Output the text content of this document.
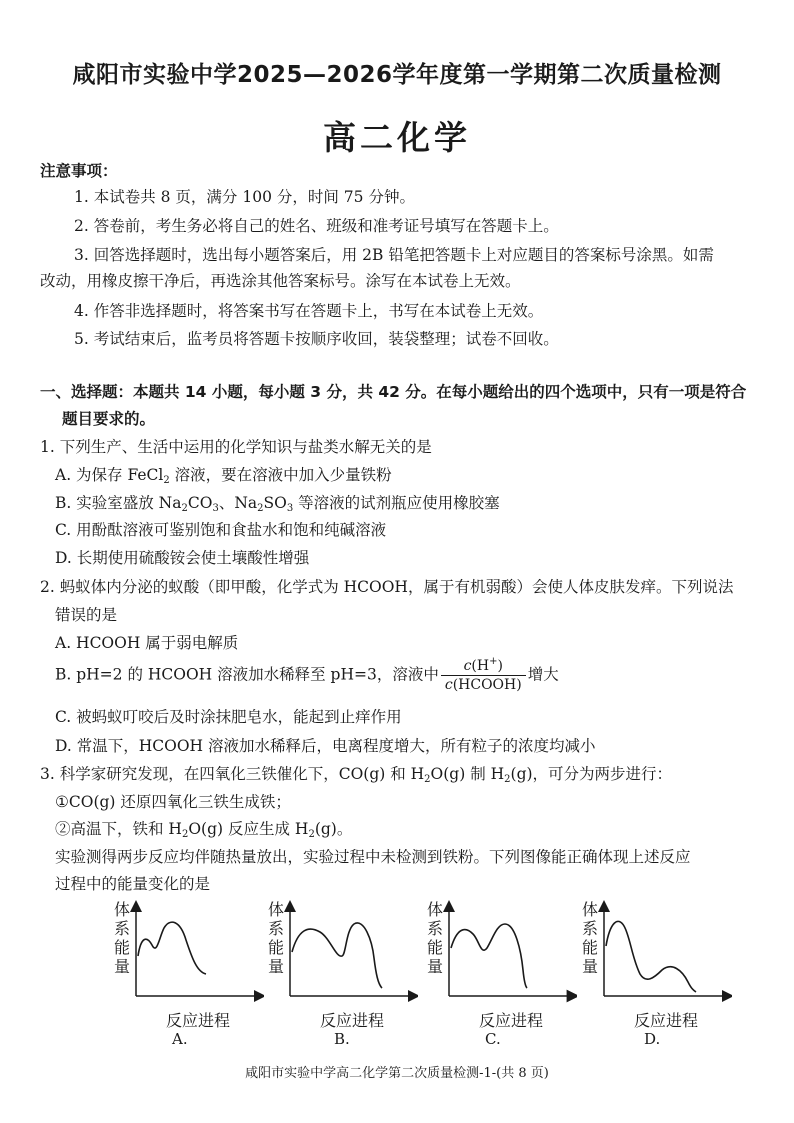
咸阳市实验中学2025—2026学年度第一学期第二次质量检测
高二化学
注意事项：
1. 本试卷共 8 页，满分 100 分，时间 75 分钟。
2. 答卷前，考生务必将自己的姓名、班级和准考证号填写在答题卡上。
3. 回答选择题时，选出每小题答案后，用 2B 铅笔把答题卡上对应题目的答案标号涂黑。如需
改动，用橡皮擦干净后，再选涂其他答案标号。涂写在本试卷上无效。
4. 作答非选择题时，将答案书写在答题卡上，书写在本试卷上无效。
5. 考试结束后，监考员将答题卡按顺序收回，装袋整理；试卷不回收。
一、选择题：本题共 14 小题，每小题 3 分，共 42 分。在每小题给出的四个选项中，只有一项是符合
题目要求的。
1. 下列生产、生活中运用的化学知识与盐类水解无关的是
A. 为保存 FeCl$_2$ 溶液，要在溶液中加入少量铁粉
B. 实验室盛放 $Na_2CO_3$、$Na_2SO_3$ 等溶液的试剂瓶应使用橡胶塞
C. 用酚酞溶液可鉴别饱和食盐水和饱和纯碱溶液
D. 长期使用硫酸铵会使土壤酸性增强
2. 蚂蚁体内分泌的蚁酸（即甲酸，化学式为 HCOOH，属于有机弱酸）会使人体皮肤发痒。下列说法
错误的是
A. HCOOH 属于弱电解质
B. pH=2 的 HCOOH 溶液加水稀释至 pH=3，溶液中 $\frac{c(H^+)}{\text{c(HCOOH)}}$ 增大
C. 被蚂蚁叮咬后及时涂抹肥皂水，能起到止痒作用
D. 常温下，HCOOH 溶液加水稀释后，电离程度增大，所有粒子的浓度均减小
3. 科学家研究发现，在四氧化三铁催化下，CO(g) 和 $H_2O(g)$ 制 $H_2(g)$，可分为两步进行：
①CO(g) 还原四氧化三铁生成铁；
②高温下，铁和 $H_2O(g)$ 反应生成 $H_2(g)$。
实验测得两步反应均伴随热量放出，实验过程中未检测到铁粉。下列图像能正确体现上述反应
过程中的能量变化的是
体系能量
反应进程
A.
体系能量
反应进程
B.
体系能量
反应进程
C.
体系能量
反应进程
D.
咸阳市实验中学高二化学第二次质量检测-1-(共 8 页)
